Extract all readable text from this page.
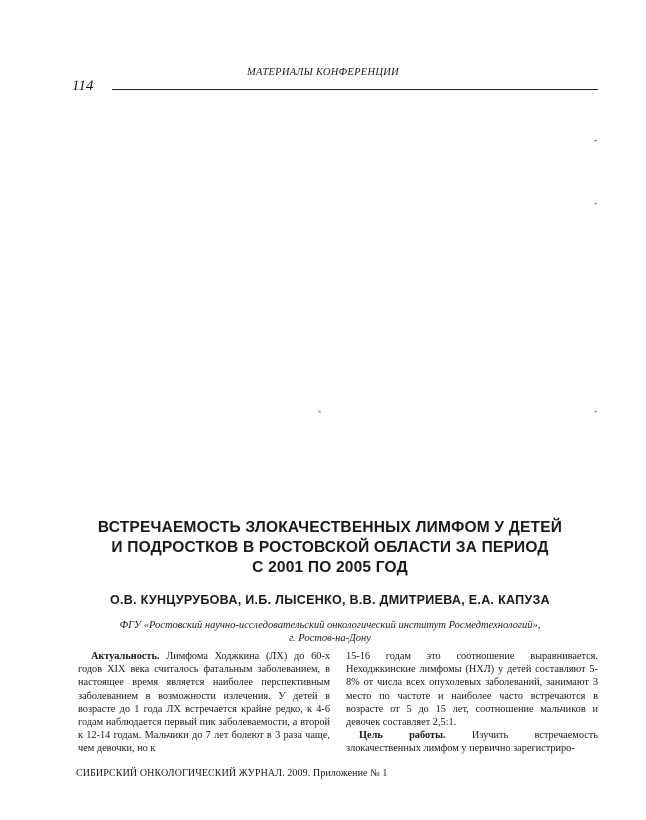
МАТЕРИАЛЫ КОНФЕРЕНЦИИ
114
-
-
-	-
ВСТРЕЧАЕМОСТЬ ЗЛОКАЧЕСТВЕННЫХ ЛИМФОМ У ДЕТЕЙ
И ПОДРОСТКОВ В РОСТОВСКОЙ ОБЛАСТИ ЗА ПЕРИОД
С 2001 ПО 2005 ГОД
О.В. КУНЦУРУБОВА, И.Б. ЛЫСЕНКО, В.В. ДМИТРИЕВА, Е.А. КАПУЗА
ФГУ «Ростовский научно-исследовательский онкологический институт Росмедтехнологий»,
г. Ростов-на-Дону

Актуальность. Лимфома Ходжкина (ЛХ) до 60-х годов XIX века считалось фатальным заболеванием, в настоящее время является наиболее перспективным заболеванием в возможности излечения. У детей в возрасте до 1 года ЛХ встречается крайне редко, к 4-6 годам наблюдается первый пик заболеваемости, а второй к 12-14 годам. Мальчики до 7 лет болеют в 3 раза чаще, чем девочки, но к

15-16 годам это соотношение выравнивается. Неходжкинские лимфомы (НХЛ) у детей составляют 5-8% от числа всех опухолевых заболеваний, занимают 3 место по частоте и наиболее часто встречаются в возрасте от 5 до 15 лет, соотношение мальчиков и девочек составляет 2,5:1.

Цель работы. Изучить встречаемость злокачественных лимфом у первично зарегистриро-

СИБИРСКИЙ ОНКОЛОГИЧЕСКИЙ ЖУРНАЛ. 2009. Приложение № 1
